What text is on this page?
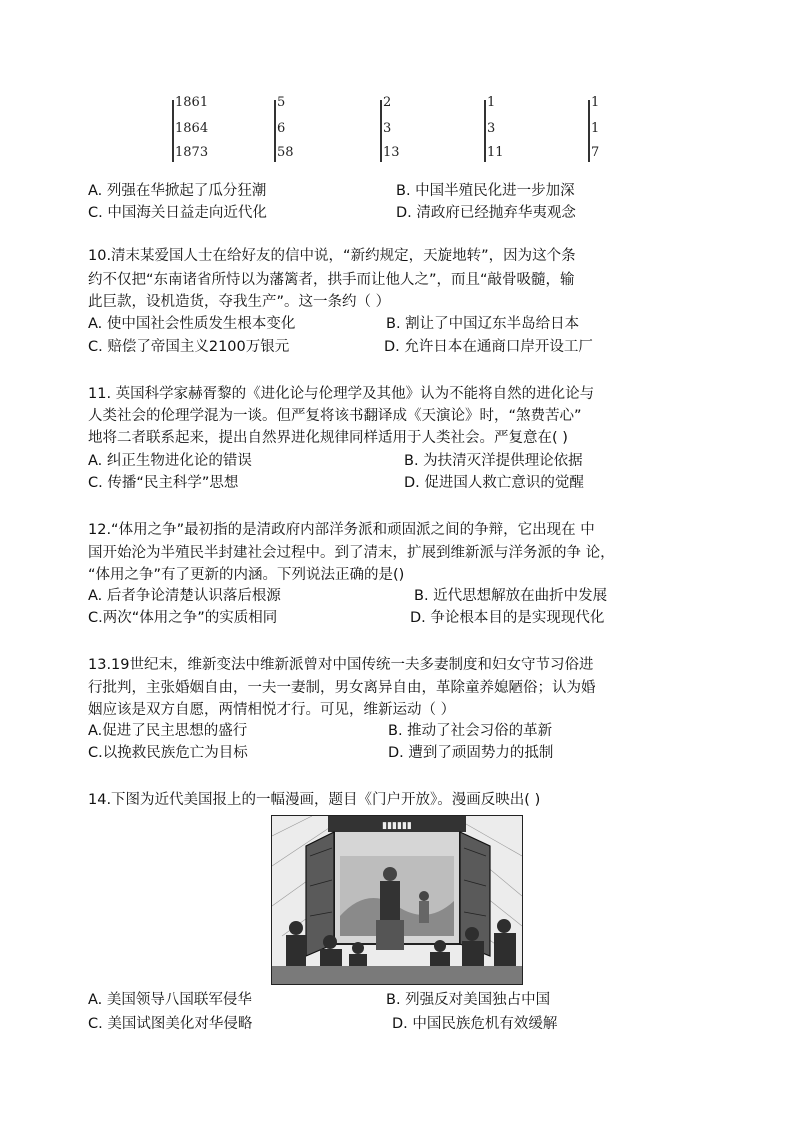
1861	5	2	1	1
1864	6	3	3	1
1873	58	13	11	7
A. 列强在华掀起了瓜分狂潮	B. 中国半殖民化进一步加深
C. 中国海关日益走向近代化	D. 清政府已经抛弃华夷观念
10.清末某爱国人士在给好友的信中说，“新约规定，天旋地转”，因为这个条
约不仅把“东南诸省所恃以为藩篱者，拱手而让他人之”，而且“敲骨吸髓，输
此巨款，设机造货，夺我生产”。这一条约（ ）
A. 使中国社会性质发生根本变化	B. 割让了中国辽东半岛给日本
C. 赔偿了帝国主义2100万银元	D. 允许日本在通商口岸开设工厂
11. 英国科学家赫胥黎的《进化论与伦理学及其他》认为不能将自然的进化论与
人类社会的伦理学混为一谈。但严复将该书翻译成《天演论》时，“煞费苦心”
地将二者联系起来，提出自然界进化规律同样适用于人类社会。严复意在( )
A. 纠正生物进化论的错误	B. 为扶清灭洋提供理论依据
C. 传播“民主科学”思想	D. 促进国人救亡意识的觉醒
12.“体用之争”最初指的是清政府内部洋务派和顽固派之间的争辩，它出现在 中
国开始沦为半殖民半封建社会过程中。到了清末，扩展到维新派与洋务派的争 论，
“体用之争”有了更新的内涵。下列说法正确的是()
A. 后者争论清楚认识落后根源	B. 近代思想解放在曲折中发展
C.两次“体用之争”的实质相同	D. 争论根本目的是实现现代化
13.19世纪末，维新变法中维新派曾对中国传统一夫多妻制度和妇女守节习俗进
行批判，主张婚姻自由，一夫一妻制，男女离异自由，革除童养媳陋俗；认为婚
姻应该是双方自愿，两情相悦才行。可见，维新运动（ ）
A.促进了民主思想的盛行	B. 推动了社会习俗的革新
C.以挽救民族危亡为目标	D. 遭到了顽固势力的抵制
14.下图为近代美国报上的一幅漫画，题目《门户开放》。漫画反映出( )
▮▮▮▮▮▮
A. 美国领导八国联军侵华	B. 列强反对美国独占中国
C. 美国试图美化对华侵略	D. 中国民族危机有效缓解
